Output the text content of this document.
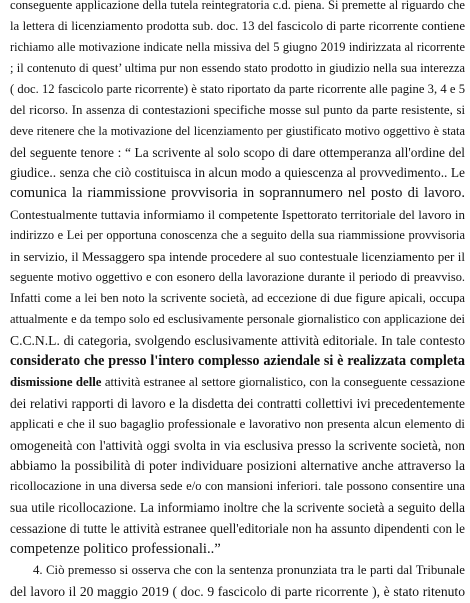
conseguente applicazione della tutela reintegratoria c.d. piena. Si premette al riguardo che
la lettera di licenziamento prodotta sub. doc. 13 del fascicolo di parte ricorrente contiene
richiamo alle motivazione indicate nella missiva del 5 giugno 2019 indirizzata al ricorrente
; il contenuto di quest’ ultima pur non essendo stato prodotto in giudizio nella sua interezza
( doc. 12 fascicolo parte ricorrente) è stato riportato da parte ricorrente alle pagine 3, 4 e 5
del ricorso. In assenza di contestazioni specifiche mosse sul punto da parte resistente, si
deve ritenere che la motivazione del licenziamento per giustificato motivo oggettivo è stata
del seguente tenore : “ La scrivente al solo scopo di dare ottemperanza all'ordine del
giudice.. senza che ciò costituisca in alcun modo a quiescenza al provvedimento.. Le
comunica la riammissione provvisoria in soprannumero nel posto di lavoro.
Contestualmente tuttavia informiamo il competente Ispettorato territoriale del lavoro in
indirizzo e Lei per opportuna conoscenza che a seguito della sua riammissione provvisoria
in servizio, il Messaggero spa intende procedere al suo contestuale licenziamento per il
seguente motivo oggettivo e con esonero della lavorazione durante il periodo di preavviso.
Infatti come a lei ben noto la scrivente società, ad eccezione di due figure apicali, occupa
attualmente e da tempo solo ed esclusivamente personale giornalistico con applicazione dei
C.C.N.L. di categoria, svolgendo esclusivamente attività editoriale. In tale contesto
considerato che presso l'intero complesso aziendale si è realizzata completa
dismissione delle attività estranee al settore giornalistico, con la conseguente cessazione
dei relativi rapporti di lavoro e la disdetta dei contratti collettivi ivi precedentemente
applicati e che il suo bagaglio professionale e lavorativo non presenta alcun elemento di
omogeneità con l'attività oggi svolta in via esclusiva presso la scrivente società, non
abbiamo la possibilità di poter individuare posizioni alternative anche attraverso la
ricollocazione in una diversa sede e/o con mansioni inferiori. tale possono consentire una
sua utile ricollocazione. La informiamo inoltre che la scrivente società a seguito della
cessazione di tutte le attività estranee quell'editoriale non ha assunto dipendenti con le
competenze politico professionali..”
4. Ciò premesso si osserva che con la sentenza pronunziata tra le parti dal Tribunale
del lavoro il 20 maggio 2019 ( doc. 9 fascicolo di parte ricorrente ), è stato ritenuto
